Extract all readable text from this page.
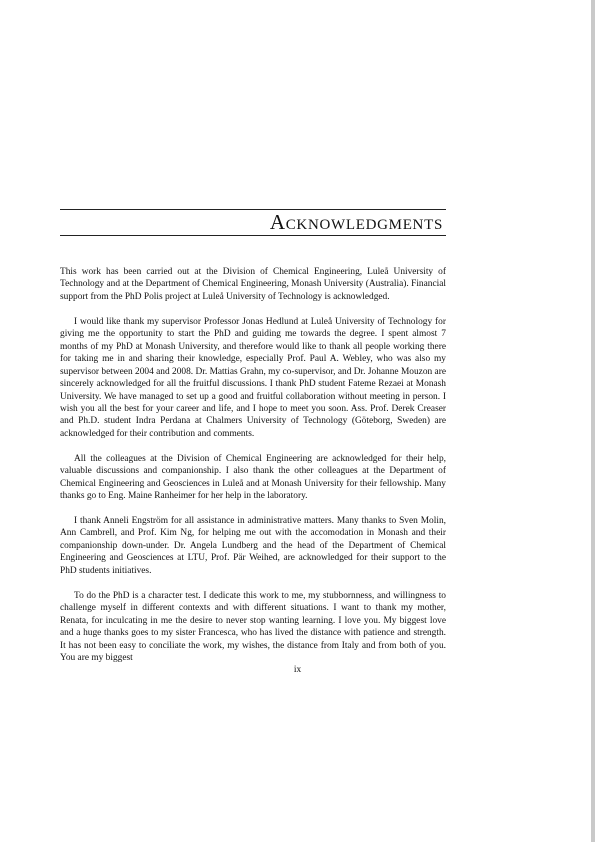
Acknowledgments

This work has been carried out at the Division of Chemical Engineering, Luleå University of Technology and at the Department of Chemical Engineering, Monash University (Australia). Financial support from the PhD Polis project at Luleå University of Technology is acknowledged.

I would like thank my supervisor Professor Jonas Hedlund at Luleå University of Technology for giving me the opportunity to start the PhD and guiding me towards the degree. I spent almost 7 months of my PhD at Monash University, and therefore would like to thank all people working there for taking me in and sharing their knowledge, especially Prof. Paul A. Webley, who was also my supervisor between 2004 and 2008. Dr. Mattias Grahn, my co-supervisor, and Dr. Johanne Mouzon are sincerely acknowledged for all the fruitful discussions. I thank PhD student Fateme Rezaei at Monash University. We have managed to set up a good and fruitful collaboration without meeting in person. I wish you all the best for your career and life, and I hope to meet you soon. Ass. Prof. Derek Creaser and Ph.D. student Indra Perdana at Chalmers University of Technology (Göteborg, Sweden) are acknowledged for their contribution and comments.

All the colleagues at the Division of Chemical Engineering are acknowledged for their help, valuable discussions and companionship. I also thank the other colleagues at the Department of Chemical Engineering and Geosciences in Luleå and at Monash University for their fellowship. Many thanks go to Eng. Maine Ranheimer for her help in the laboratory.

I thank Anneli Engström for all assistance in administrative matters. Many thanks to Sven Molin, Ann Cambrell, and Prof. Kim Ng, for helping me out with the accomodation in Monash and their companionship down-under. Dr. Angela Lundberg and the head of the Department of Chemical Engineering and Geosciences at LTU, Prof. Pär Weihed, are acknowledged for their support to the PhD students initiatives.

To do the PhD is a character test. I dedicate this work to me, my stubbornness, and willingness to challenge myself in different contexts and with different situations. I want to thank my mother, Renata, for inculcating in me the desire to never stop wanting learning. I love you. My biggest love and a huge thanks goes to my sister Francesca, who has lived the distance with patience and strength. It has not been easy to conciliate the work, my wishes, the distance from Italy and from both of you. You are my biggest

ix
